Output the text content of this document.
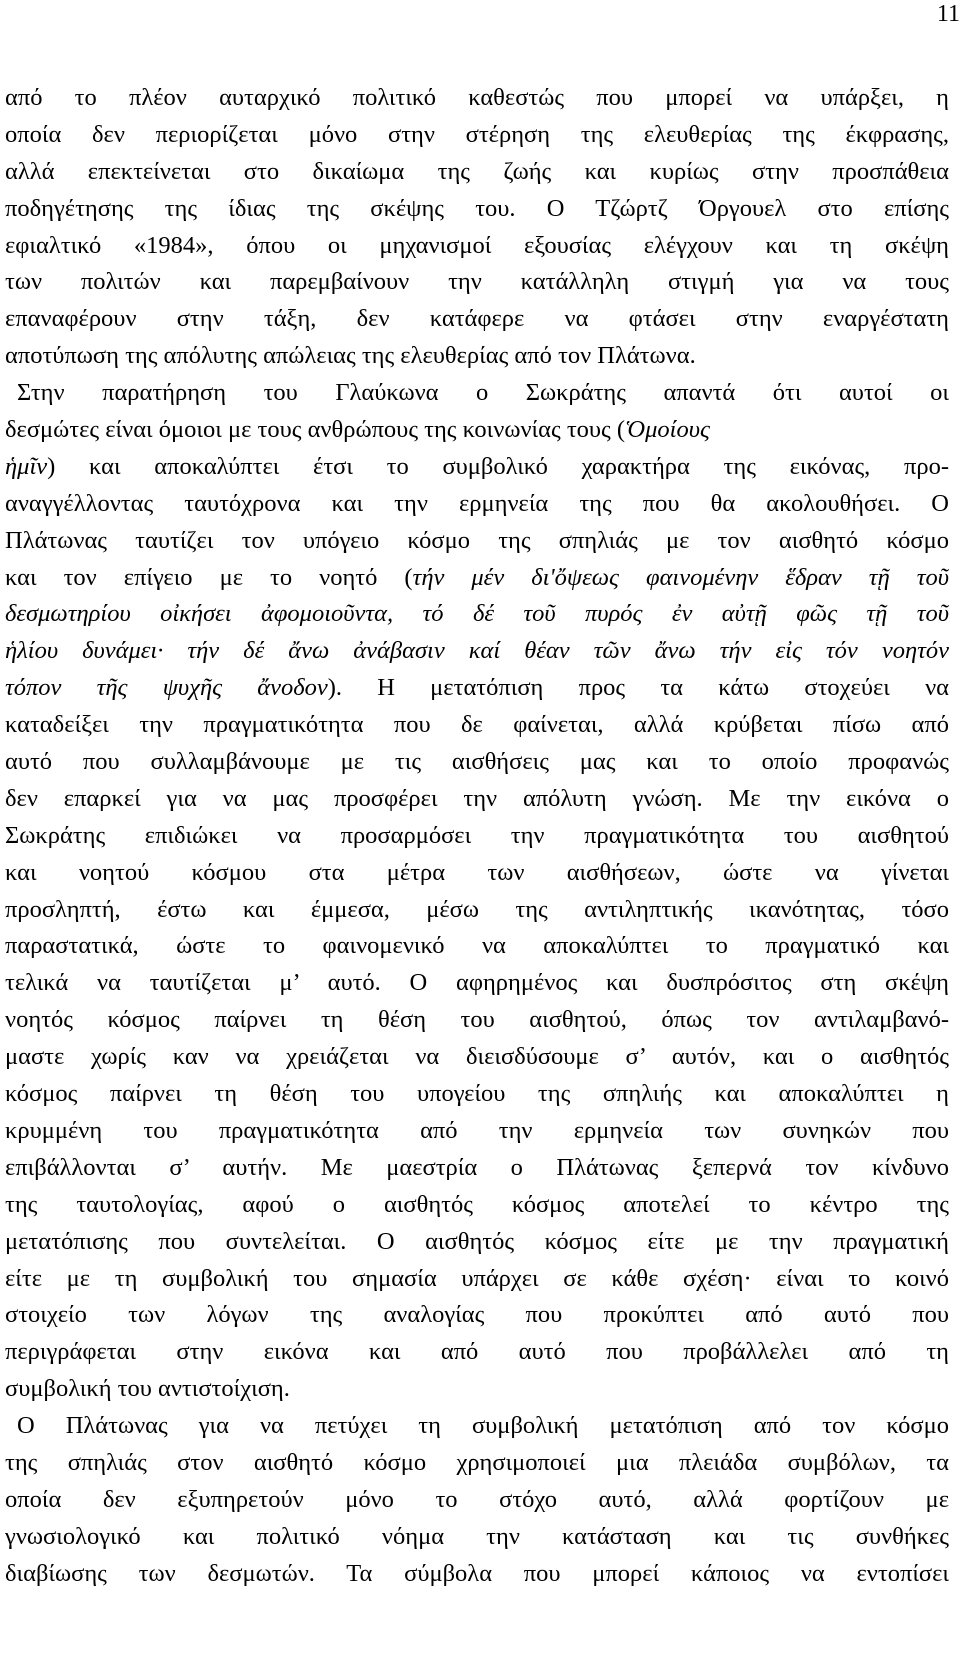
11
από το πλέον αυταρχικό πολιτικό καθεστώς που μπορεί να υπάρξει, η
οποία δεν περιορίζεται μόνο στην στέρηση της ελευθερίας της έκφρασης,
αλλά επεκτείνεται στο δικαίωμα της ζωής και κυρίως στην προσπάθεια
ποδηγέτησης της ίδιας της σκέψης του. Ο Τζώρτζ Όργουελ στο επίσης
εφιαλτικό «1984», όπου οι μηχανισμοί εξουσίας ελέγχουν και τη σκέψη
των πολιτών και παρεμβαίνουν την κατάλληλη στιγμή για να τους
επαναφέρουν στην τάξη, δεν κατάφερε να φτάσει στην εναργέστατη
αποτύπωση της απόλυτης απώλειας της ελευθερίας από τον Πλάτωνα.
Στην παρατήρηση του Γλαύκωνα ο Σωκράτης απαντά ότι αυτοί οι
δεσμώτες είναι όμοιοι με τους ανθρώπους της κοινωνίας τους (Ὁμοίους
ἡμῖν) και αποκαλύπτει έτσι το συμβολικό χαρακτήρα της εικόνας, προ-
αναγγέλλοντας ταυτόχρονα και την ερμηνεία της που θα ακολουθήσει. Ο
Πλάτωνας ταυτίζει τον υπόγειο κόσμο της σπηλιάς με τον αισθητό κόσμο
και τον επίγειο με το νοητό (τήν μέν δι'ὄψεως φαινομένην ἕδραν τῇ τοῦ
δεσμωτηρίου οἰκήσει ἀφομοιοῦντα, τό δέ τοῦ πυρός ἐν αὐτῇ φῶς τῇ τοῦ
ἡλίου δυνάμει· τήν δέ ἄνω ἀνάβασιν καί θέαν τῶν ἄνω τήν εἰς τόν νοητόν
τόπον τῆς ψυχῆς ἄνοδον). Η μετατόπιση προς τα κάτω στοχεύει να
καταδείξει την πραγματικότητα που δε φαίνεται, αλλά κρύβεται πίσω από
αυτό που συλλαμβάνουμε με τις αισθήσεις μας και το οποίο προφανώς
δεν επαρκεί για να μας προσφέρει την απόλυτη γνώση. Με την εικόνα ο
Σωκράτης επιδιώκει να προσαρμόσει την πραγματικότητα του αισθητού
και νοητού κόσμου στα μέτρα των αισθήσεων, ώστε να γίνεται
προσληπτή, έστω και έμμεσα, μέσω της αντιληπτικής ικανότητας, τόσο
παραστατικά, ώστε το φαινομενικό να αποκαλύπτει το πραγματικό και
τελικά να ταυτίζεται μ’ αυτό. Ο αφηρημένος και δυσπρόσιτος στη σκέψη
νοητός κόσμος παίρνει τη θέση του αισθητού, όπως τον αντιλαμβανό-
μαστε χωρίς καν να χρειάζεται να διεισδύσουμε σ’ αυτόν, και ο αισθητός
κόσμος παίρνει τη θέση του υπογείου της σπηλιής και αποκαλύπτει η
κρυμμένη του πραγματικότητα από την ερμηνεία των συνηκών που
επιβάλλονται σ’ αυτήν. Με μαεστρία ο Πλάτωνας ξεπερνά τον κίνδυνο
της ταυτολογίας, αφού ο αισθητός κόσμος αποτελεί το κέντρο της
μετατόπισης που συντελείται. Ο αισθητός κόσμος είτε με την πραγματική
είτε με τη συμβολική του σημασία υπάρχει σε κάθε σχέση· είναι το κοινό
στοιχείο των λόγων της αναλογίας που προκύπτει από αυτό που
περιγράφεται στην εικόνα και από αυτό που προβάλλελει από τη
συμβολική του αντιστοίχιση.
Ο Πλάτωνας για να πετύχει τη συμβολική μετατόπιση από τον κόσμο
της σπηλιάς στον αισθητό κόσμο χρησιμοποιεί μια πλειάδα συμβόλων, τα
οποία δεν εξυπηρετούν μόνο το στόχο αυτό, αλλά φορτίζουν με
γνωσιολογικό και πολιτικό νόημα την κατάσταση και τις συνθήκες
διαβίωσης των δεσμωτών. Τα σύμβολα που μπορεί κάποιος να εντοπίσει
